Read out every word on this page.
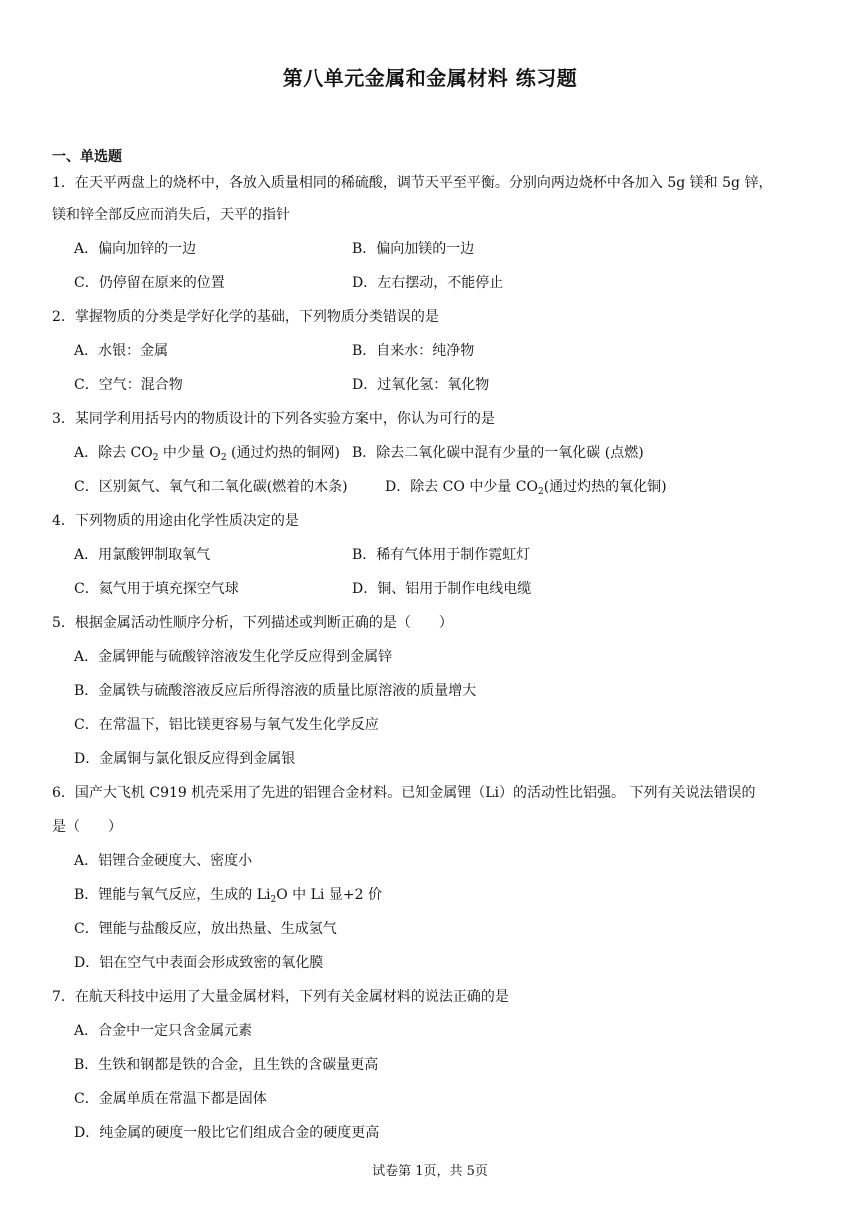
第八单元金属和金属材料 练习题
一、单选题
1．在天平两盘上的烧杯中，各放入质量相同的稀硫酸，调节天平至平衡。分别向两边烧杯中各加入 5g 镁和 5g 锌，
镁和锌全部反应而消失后，天平的指针
A．偏向加锌的一边	B．偏向加镁的一边
C．仍停留在原来的位置	D．左右摆动，不能停止
2．掌握物质的分类是学好化学的基础，下列物质分类错误的是
A．水银：金属	B．自来水：纯净物
C．空气：混合物	D．过氧化氢：氧化物
3．某同学利用括号内的物质设计的下列各实验方案中，你认为可行的是
A．除去 $CO_2$ 中少量 $O_2$ (通过灼热的铜网) B．除去二氧化碳中混有少量的一氧化碳 (点燃)
C．区别氮气、氧气和二氧化碳(燃着的木条)	D．除去 CO 中少量 $CO_2$(通过灼热的氧化铜)
4．下列物质的用途由化学性质决定的是
A．用氯酸钾制取氧气	B．稀有气体用于制作霓虹灯
C．氦气用于填充探空气球	D．铜、铝用于制作电线电缆
5．根据金属活动性顺序分析，下列描述或判断正确的是（　　）
A．金属钾能与硫酸锌溶液发生化学反应得到金属锌
B．金属铁与硫酸溶液反应后所得溶液的质量比原溶液的质量增大
C．在常温下，铝比镁更容易与氧气发生化学反应
D．金属铜与氯化银反应得到金属银
6．国产大飞机 C919 机壳采用了先进的铝锂合金材料。已知金属锂（Li）的活动性比铝强。 下列有关说法错误的
是（　　）
A．铝锂合金硬度大、密度小
B．锂能与氧气反应，生成的 $Li_2O$ 中 Li 显+2 价
C．锂能与盐酸反应，放出热量、生成氢气
D．铝在空气中表面会形成致密的氧化膜
7．在航天科技中运用了大量金属材料，下列有关金属材料的说法正确的是
A．合金中一定只含金属元素
B．生铁和钢都是铁的合金，且生铁的含碳量更高
C．金属单质在常温下都是固体
D．纯金属的硬度一般比它们组成合金的硬度更高
试卷第 1页，共 5页
